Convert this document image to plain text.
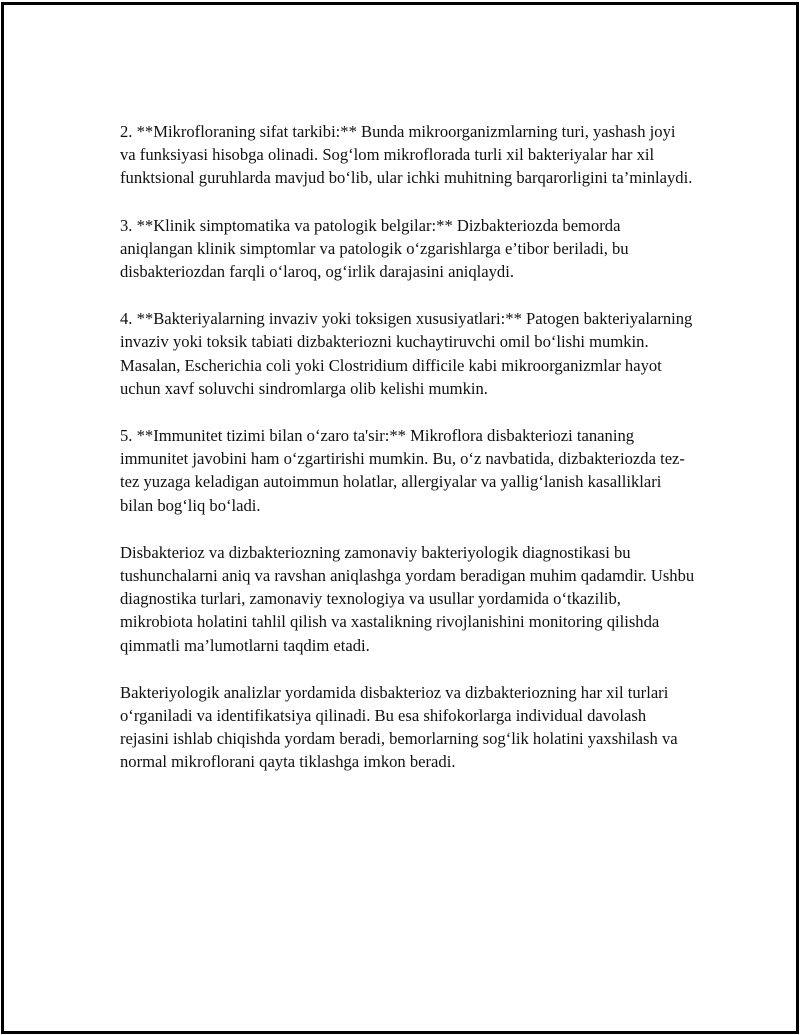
2. **Mikrofloraning sifat tarkibi:** Bunda mikroorganizmlarning turi, yashash joyi va funksiyasi hisobga olinadi. Sog‘lom mikroflorada turli xil bakteriyalar har xil funktsional guruhlarda mavjud bo‘lib, ular ichki muhitning barqarorligini ta’minlaydi.

3. **Klinik simptomatika va patologik belgilar:** Dizbakteriozda bemorda aniqlangan klinik simptomlar va patologik o‘zgarishlarga e’tibor beriladi, bu disbakteriozdan farqli o‘laroq, og‘irlik darajasini aniqlaydi.

4. **Bakteriyalarning invaziv yoki toksigen xususiyatlari:** Patogen bakteriyalarning invaziv yoki toksik tabiati dizbakteriozni kuchaytiruvchi omil bo‘lishi mumkin. Masalan, Escherichia coli yoki Clostridium difficile kabi mikroorganizmlar hayot uchun xavf soluvchi sindromlarga olib kelishi mumkin.

5. **Immunitet tizimi bilan o‘zaro ta'sir:** Mikroflora disbakteriozi tananing immunitet javobini ham o‘zgartirishi mumkin. Bu, o‘z navbatida, dizbakteriozda tez-tez yuzaga keladigan autoimmun holatlar, allergiyalar va yallig‘lanish kasalliklari bilan bog‘liq bo‘ladi.

Disbakterioz va dizbakteriozning zamonaviy bakteriyologik diagnostikasi bu tushunchalarni aniq va ravshan aniqlashga yordam beradigan muhim qadamdir. Ushbu diagnostika turlari, zamonaviy texnologiya va usullar yordamida o‘tkazilib, mikrobiota holatini tahlil qilish va xastalikning rivojlanishini monitoring qilishda qimmatli ma’lumotlarni taqdim etadi.

Bakteriyologik analizlar yordamida disbakterioz va dizbakteriozning har xil turlari o‘rganiladi va identifikatsiya qilinadi. Bu esa shifokorlarga individual davolash rejasini ishlab chiqishda yordam beradi, bemorlarning sog‘lik holatini yaxshilash va normal mikroflorani qayta tiklashga imkon beradi.
